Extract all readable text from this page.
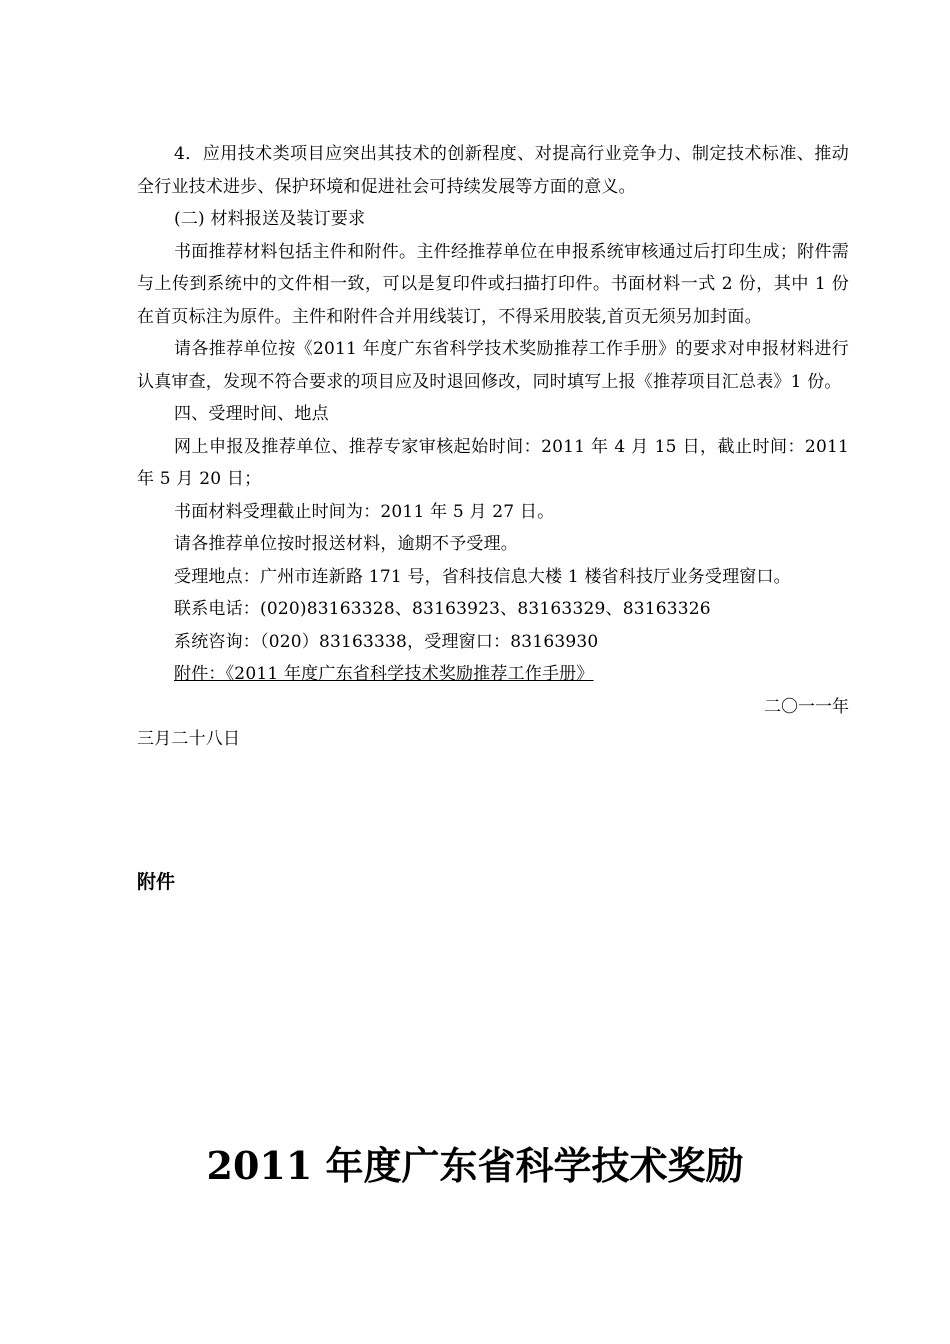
4．应用技术类项目应突出其技术的创新程度、对提高行业竞争力、制定技术标准、推动全行业技术进步、保护环境和促进社会可持续发展等方面的意义。

(二) 材料报送及装订要求

书面推荐材料包括主件和附件。主件经推荐单位在申报系统审核通过后打印生成；附件需与上传到系统中的文件相一致，可以是复印件或扫描打印件。书面材料一式 2 份，其中 1 份在首页标注为原件。主件和附件合并用线装订，不得采用胶装,首页无须另加封面。

请各推荐单位按《2011 年度广东省科学技术奖励推荐工作手册》的要求对申报材料进行认真审查，发现不符合要求的项目应及时退回修改，同时填写上报《推荐项目汇总表》1 份。

四、受理时间、地点

网上申报及推荐单位、推荐专家审核起始时间：2011 年 4 月 15 日，截止时间：2011 年 5 月 20 日；

书面材料受理截止时间为：2011 年 5 月 27 日。

请各推荐单位按时报送材料，逾期不予受理。

受理地点：广州市连新路 171 号，省科技信息大楼 1 楼省科技厅业务受理窗口。

联系电话：(020)83163328、83163923、83163329、83163326

系统咨询：（020）83163338，受理窗口：83163930

附件：《2011 年度广东省科学技术奖励推荐工作手册》

二〇一一年

三月二十八日

附件

2011 年度广东省科学技术奖励
